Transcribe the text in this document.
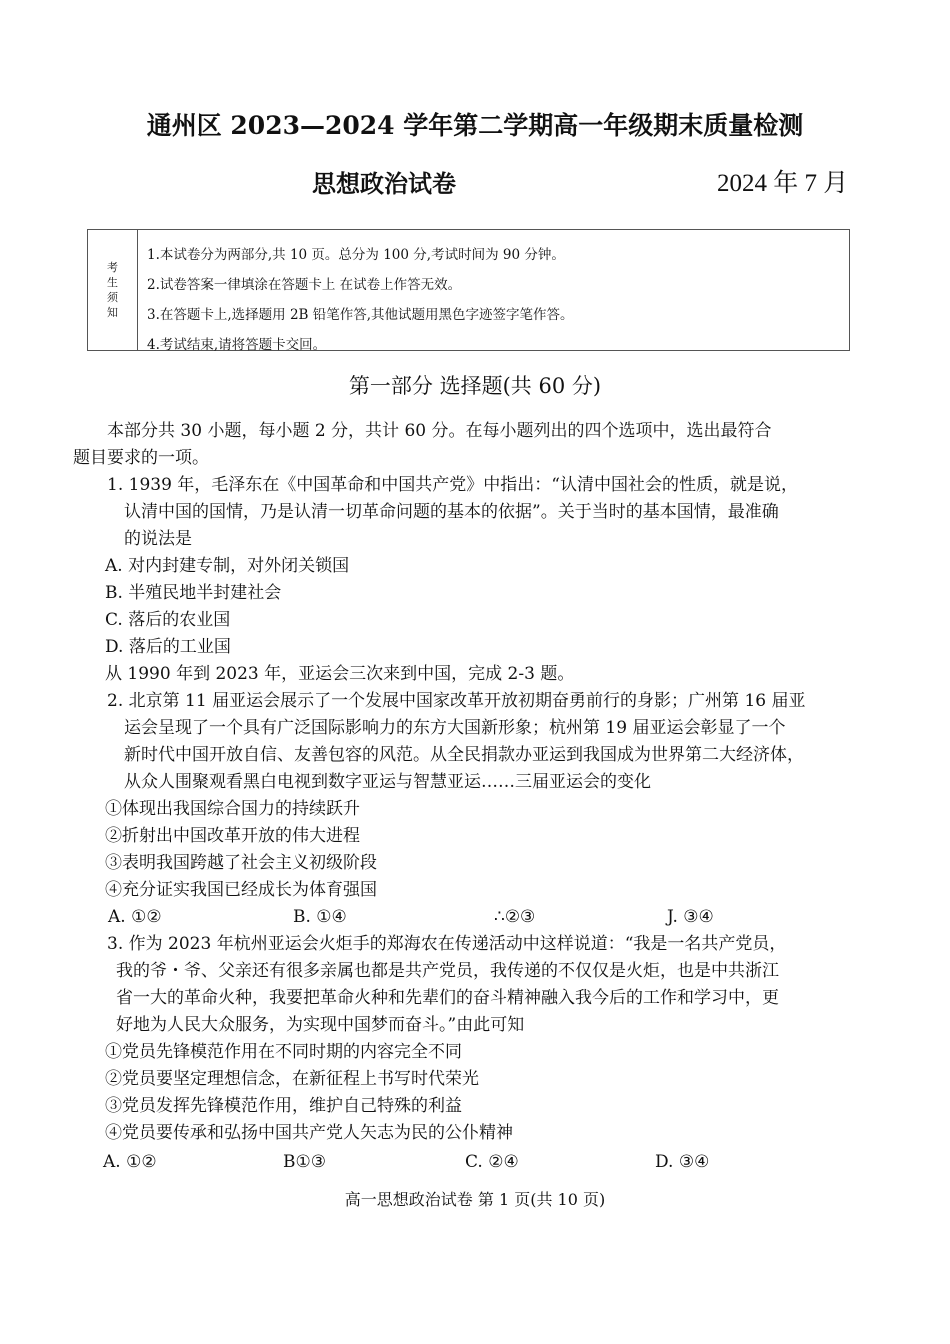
通州区 2023—2024 学年第二学期高一年级期末质量检测
思想政治试卷	2024 年 7 月
考
生
须
知
1.本试卷分为两部分,共 10 页。总分为 100 分,考试时间为 90 分钟。
2.试卷答案一律填涂在答题卡上 在试卷上作答无效。
3.在答题卡上,选择题用 2B 铅笔作答,其他试题用黑色字迹签字笔作答。
4.考试结束,请将答题卡交回。
第一部分 选择题(共 60 分)
本部分共 30 小题，每小题 2 分，共计 60 分。在每小题列出的四个选项中，选出最符合
题目要求的一项。
1. 1939 年，毛泽东在《中国革命和中国共产党》中指出：“认清中国社会的性质，就是说，
认清中国的国情，乃是认清一切革命问题的基本的依据”。关于当时的基本国情，最准确
的说法是
A. 对内封建专制，对外闭关锁国
B. 半殖民地半封建社会
C. 落后的农业国
D. 落后的工业国
从 1990 年到 2023 年，亚运会三次来到中国，完成 2-3 题。
2. 北京第 11 届亚运会展示了一个发展中国家改革开放初期奋勇前行的身影；广州第 16 届亚
运会呈现了一个具有广泛国际影响力的东方大国新形象；杭州第 19 届亚运会彰显了一个
新时代中国开放自信、友善包容的风范。从全民捐款办亚运到我国成为世界第二大经济体，
从众人围聚观看黑白电视到数字亚运与智慧亚运……三届亚运会的变化
①体现出我国综合国力的持续跃升
②折射出中国改革开放的伟大进程
③表明我国跨越了社会主义初级阶段
④充分证实我国已经成长为体育强国
A. ①②	B. ①④	∴②③	J. ③④
3. 作为 2023 年杭州亚运会火炬手的郑海农在传递活动中这样说道：“我是一名共产党员，
我的爷・爷、父亲还有很多亲属也都是共产党员，我传递的不仅仅是火炬，也是中共浙江
省一大的革命火种，我要把革命火种和先辈们的奋斗精神融入我今后的工作和学习中，更
好地为人民大众服务，为实现中国梦而奋斗。”由此可知
①党员先锋模范作用在不同时期的内容完全不同
②党员要坚定理想信念，在新征程上书写时代荣光
③党员发挥先锋模范作用，维护自己特殊的利益
④党员要传承和弘扬中国共产党人矢志为民的公仆精神
A. ①②	B①③	C. ②④	D. ③④
高一思想政治试卷 第 1 页(共 10 页)
